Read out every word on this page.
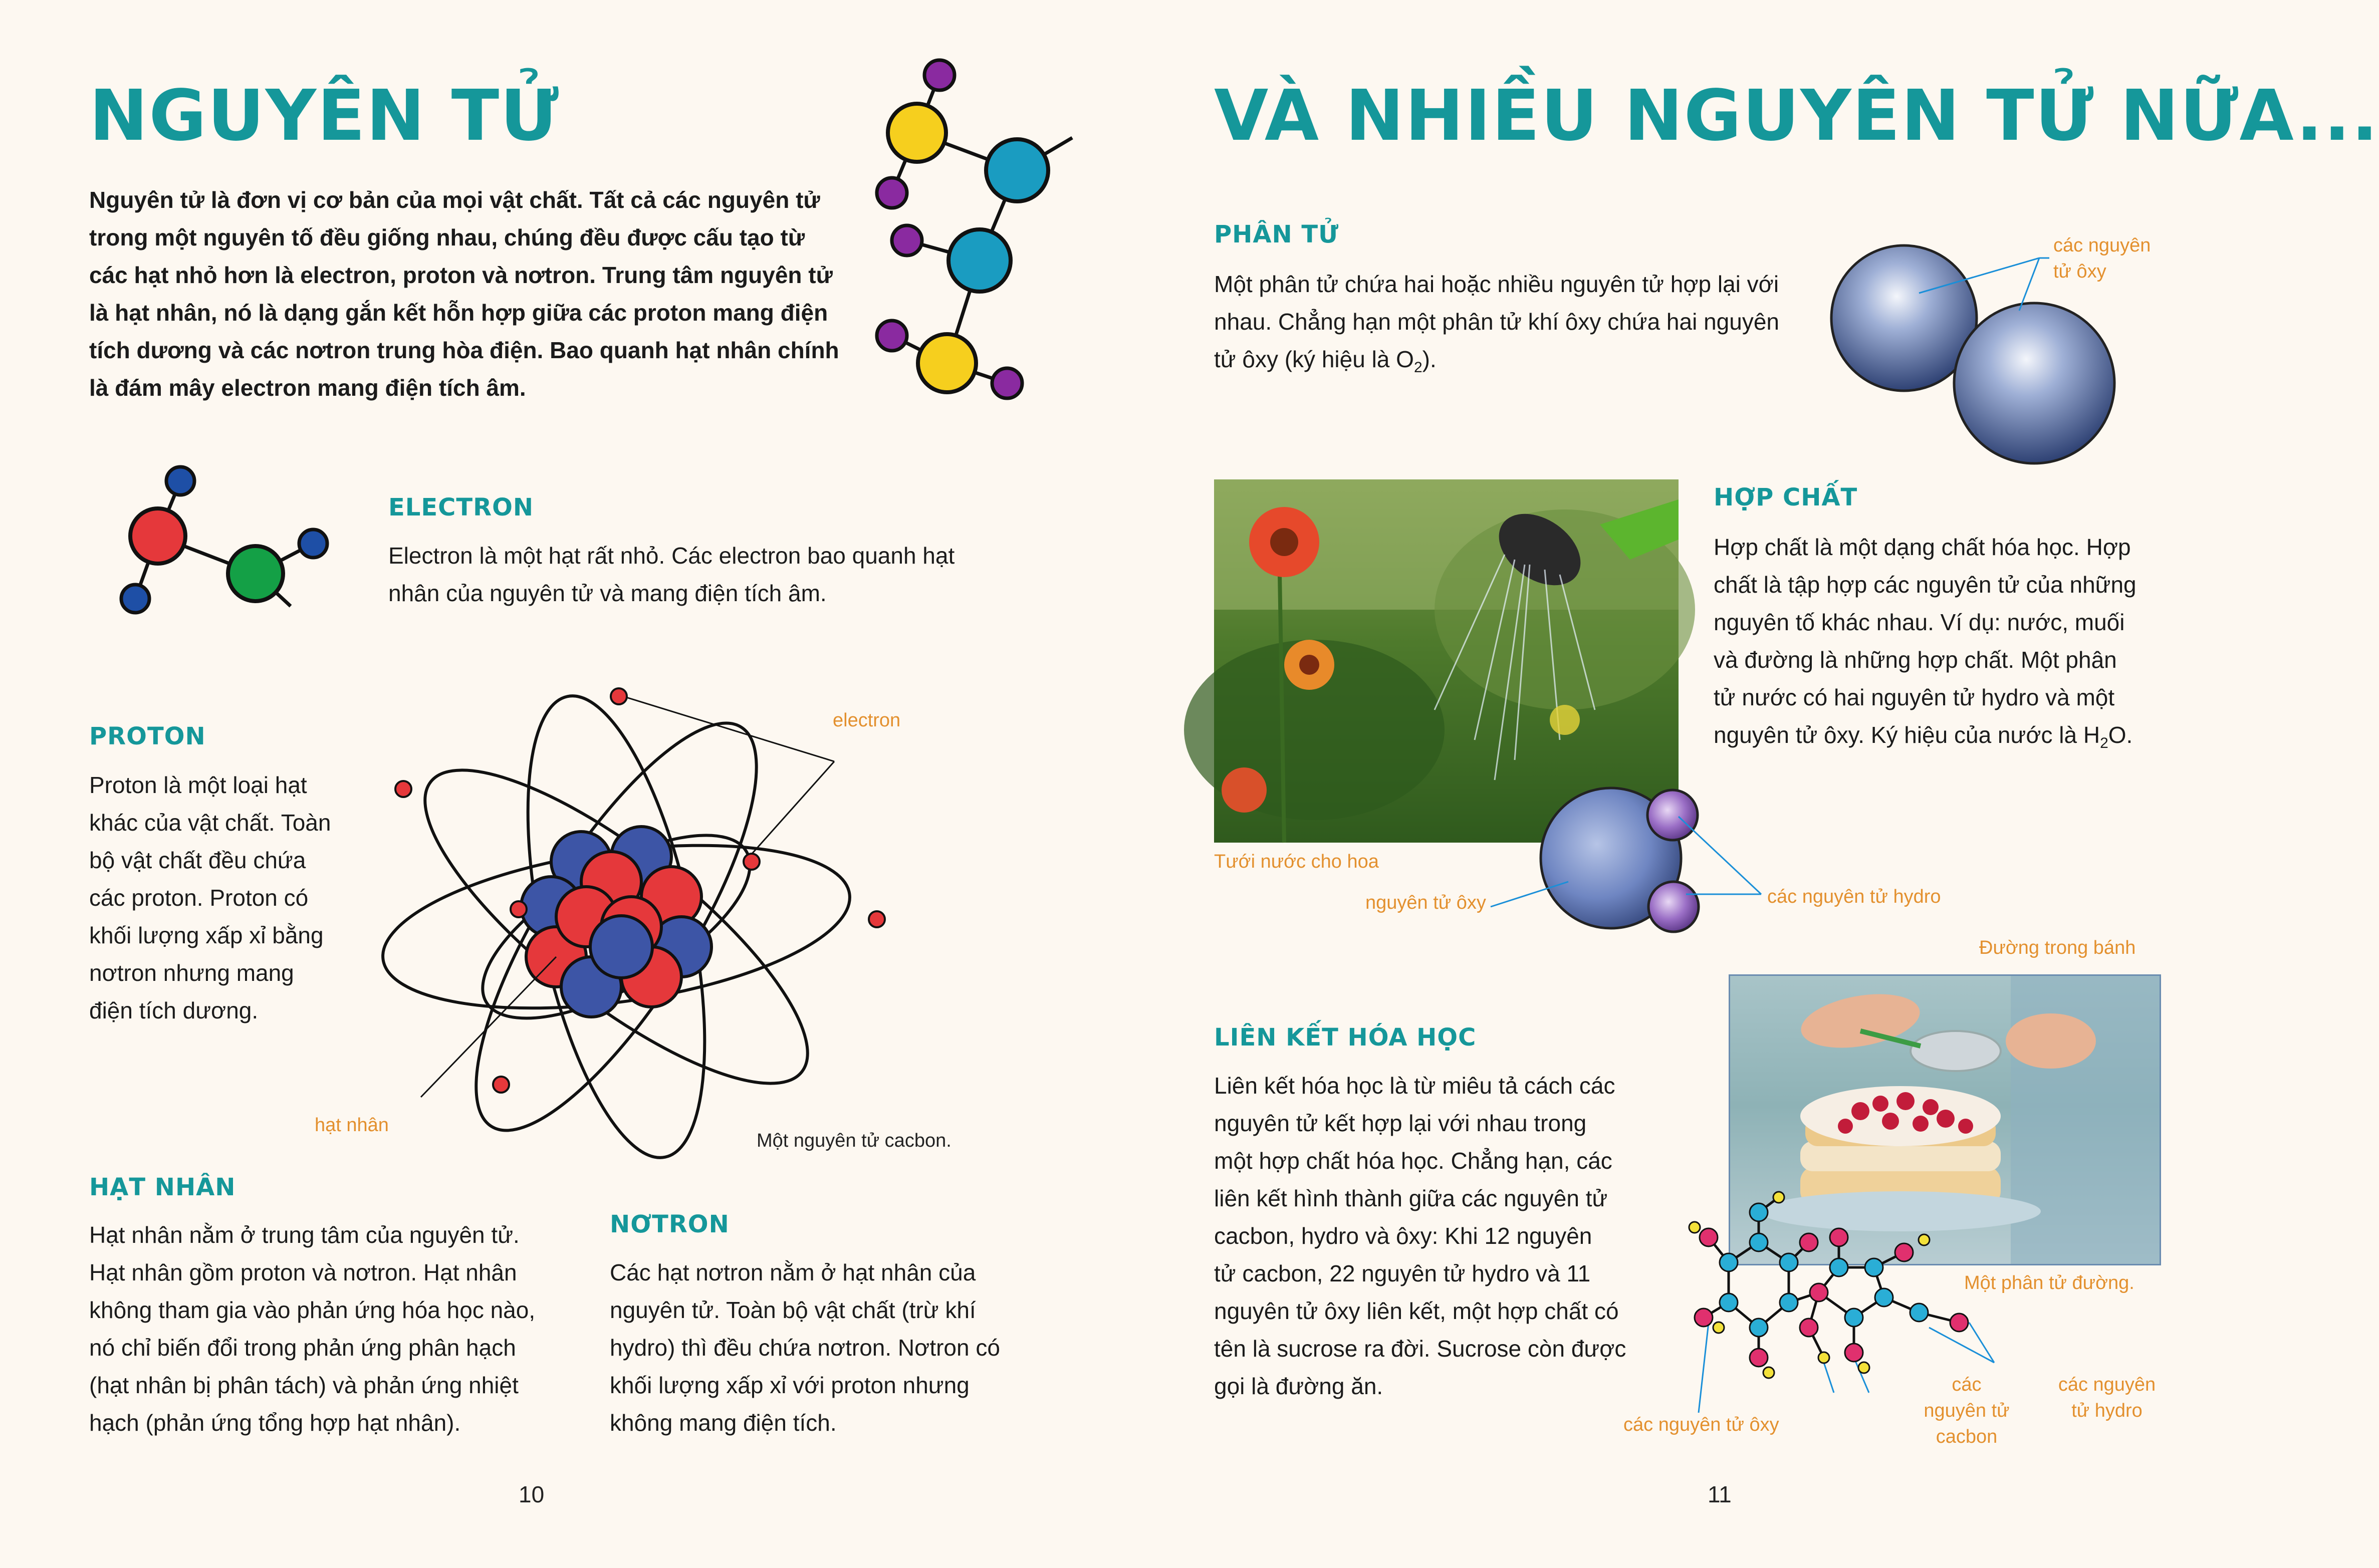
NGUYÊN TỬ
Nguyên tử là đơn vị cơ bản của mọi vật chất. Tất cả các nguyên tử
trong một nguyên tố đều giống nhau, chúng đều được cấu tạo từ
các hạt nhỏ hơn là electron, proton và nơtron. Trung tâm nguyên tử
là hạt nhân, nó là dạng gắn kết hỗn hợp giữa các proton mang điện
tích dương và các nơtron trung hòa điện. Bao quanh hạt nhân chính
là đám mây electron mang điện tích âm.
ELECTRON
Electron là một hạt rất nhỏ. Các electron bao quanh hạt
nhân của nguyên tử và mang điện tích âm.
PROTON
Proton là một loại hạt
khác của vật chất. Toàn
bộ vật chất đều chứa
các proton. Proton có
khối lượng xấp xỉ bằng
nơtron nhưng mang
điện tích dương.
electron
hạt nhân
Một nguyên tử cacbon.
HẠT NHÂN
Hạt nhân nằm ở trung tâm của nguyên tử.
Hạt nhân gồm proton và nơtron. Hạt nhân
không tham gia vào phản ứng hóa học nào,
nó chỉ biến đổi trong phản ứng phân hạch
(hạt nhân bị phân tách) và phản ứng nhiệt
hạch (phản ứng tổng hợp hạt nhân).
NƠTRON
Các hạt nơtron nằm ở hạt nhân của
nguyên tử. Toàn bộ vật chất (trừ khí
hydro) thì đều chứa nơtron. Nơtron có
khối lượng xấp xỉ với proton nhưng
không mang điện tích.
10
VÀ NHIỀU NGUYÊN TỬ NỮA...
PHÂN TỬ
Một phân tử chứa hai hoặc nhiều nguyên tử hợp lại với
nhau. Chẳng hạn một phân tử khí ôxy chứa hai nguyên
tử ôxy (ký hiệu là $O_2$).
các nguyên
tử ôxy
Tưới nước cho hoa
nguyên tử ôxy	các nguyên tử hydro
HỢP CHẤT
Hợp chất là một dạng chất hóa học. Hợp
chất là tập hợp các nguyên tử của những
nguyên tố khác nhau. Ví dụ: nước, muối
và đường là những hợp chất. Một phân
tử nước có hai nguyên tử hydro và một
nguyên tử ôxy. Ký hiệu của nước là $H_2O$.
Đường trong bánh
LIÊN KẾT HÓA HỌC
Liên kết hóa học là từ miêu tả cách các
nguyên tử kết hợp lại với nhau trong
một hợp chất hóa học. Chẳng hạn, các
liên kết hình thành giữa các nguyên tử
cacbon, hydro và ôxy: Khi 12 nguyên
tử cacbon, 22 nguyên tử hydro và 11
nguyên tử ôxy liên kết, một hợp chất có
tên là sucrose ra đời. Sucrose còn được
gọi là đường ăn.
Một phân tử đường.
các nguyên tử ôxy
các
nguyên tử
cacbon
các nguyên
tử hydro
11
